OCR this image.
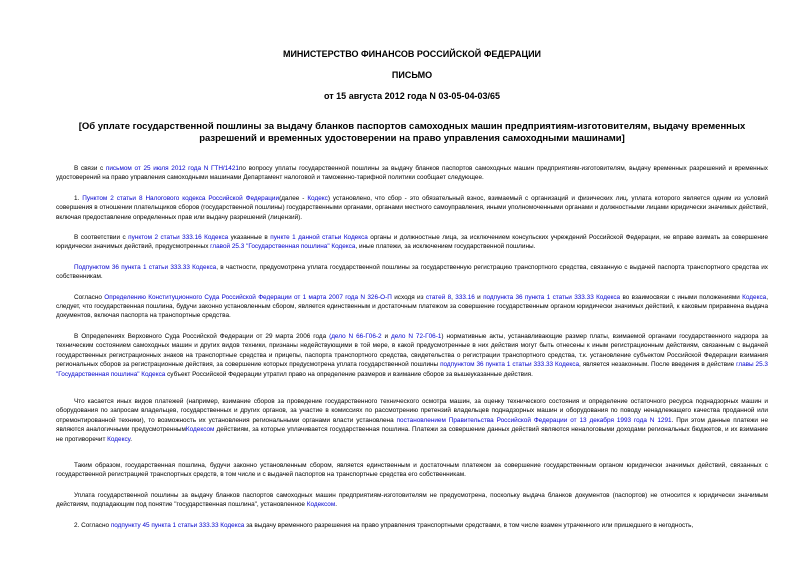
МИНИСТЕРСТВО ФИНАНСОВ РОССИЙСКОЙ ФЕДЕРАЦИИ
ПИСЬМО
от 15 августа 2012 года N 03-05-04-03/65
[Об уплате государственной пошлины за выдачу бланков паспортов самоходных машин предприятиям-изготовителям, выдачу временных разрешений и временных удостоверении на право управления самоходными машинами]

В связи с письмом от 25 июля 2012 года N ГТН/1421по вопросу уплаты государственной пошлины за выдачу бланков паспортов самоходных машин предприятиям-изготовителям, выдачу временных разрешений и временных удостоверений на право управления самоходными машинами Департамент налоговой и таможенно-тарифной политики сообщает следующее.

1. Пунктом 2 статьи 8 Налогового кодекса Российской Федерации(далее - Кодекс) установлено, что сбор - это обязательный взнос, взимаемый с организаций и физических лиц, уплата которого является одним из условий совершения в отношении плательщиков сборов (государственной пошлины) государственными органами, органами местного самоуправления, иными уполномоченными органами и должностными лицами юридически значимых действий, включая предоставление определенных прав или выдачу разрешений (лицензий).

В соответствии с пунктом 2 статьи 333.16 Кодекса указанные в пункте 1 данной статьи Кодекса органы и должностные лица, за исключением консульских учреждений Российской Федерации, не вправе взимать за совершение юридически значимых действий, предусмотренных главой 25.3 "Государственная пошлина" Кодекса, иные платежи, за исключением государственной пошлины.

Подпунктом 36 пункта 1 статьи 333.33 Кодекса, в частности, предусмотрена уплата государственной пошлины за государственную регистрацию транспортного средства, связанную с выдачей паспорта транспортного средства их собственникам.

Согласно Определению Конституционного Суда Российской Федерации от 1 марта 2007 года N 326-О-П исходя из статей 8, 333.16 и подпункта 36 пункта 1 статьи 333.33 Кодекса во взаимосвязи с иными положениями Кодекса, следует, что государственная пошлина, будучи законно установленным сбором, является единственным и достаточным платежом за совершение государственным органом юридически значимых действий, к каковым приравнена выдача документов, включая паспорта на транспортные средства.

В Определениях Верховного Суда Российской Федерации от 29 марта 2006 года (дело N 66-Г06-2 и дело N 72-Г06-1) нормативные акты, устанавливающие размер платы, взимаемой органами государственного надзора за техническим состоянием самоходных машин и других видов техники, признаны недействующими в той мере, в какой предусмотренные в них действия могут быть отнесены к иным регистрационным действиям, связанным с выдачей государственных регистрационных знаков на транспортные средства и прицепы, паспорта транспортного средства, свидетельства о регистрации транспортного средства, т.к. установление субъектом Российской Федерации взимания региональных сборов за регистрационные действия, за совершение которых предусмотрена уплата государственной пошлины подпунктом 36 пункта 1 статьи 333.33 Кодекса, является незаконным. После введения в действие главы 25.3 "Государственная пошлина" Кодекса субъект Российской Федерации утратил право на определение размеров и взимание сборов за вышеуказанные действия.

Что касается иных видов платежей (например, взимание сборов за проведение государственного технического осмотра машин, за оценку технического состояния и определение остаточного ресурса поднадзорных машин и оборудования по запросам владельцев, государственных и других органов, за участие в комиссиях по рассмотрению претензий владельцев поднадзорных машин и оборудования по поводу ненадлежащего качества проданной или отремонтированной техники), то возможность их установления региональными органами власти установлена постановлением Правительства Российской Федерации от 13 декабря 1993 года N 1291. При этом данные платежи не являются аналогичными предусмотреннымКодексом действиям, за которые уплачивается государственная пошлина. Платежи за совершение данных действий являются неналоговыми доходами региональных бюджетов, и их взимание не противоречит Кодексу.

Таким образом, государственная пошлина, будучи законно установленным сбором, является единственным и достаточным платежом за совершение государственным органом юридически значимых действий, связанных с государственной регистрацией транспортных средств, в том числе и с выдачей паспортов на транспортные средства его собственникам.

Уплата государственной пошлины за выдачу бланков паспортов самоходных машин предприятиям-изготовителям не предусмотрена, поскольку выдача бланков документов (паспортов) не относится к юридически значимым действиям, подпадающим под понятие "государственная пошлина", установленное Кодексом.

2. Согласно подпункту 45 пункта 1 статьи 333.33 Кодекса за выдачу временного разрешения на право управления транспортными средствами, в том числе взамен утраченного или пришедшего в негодность,
